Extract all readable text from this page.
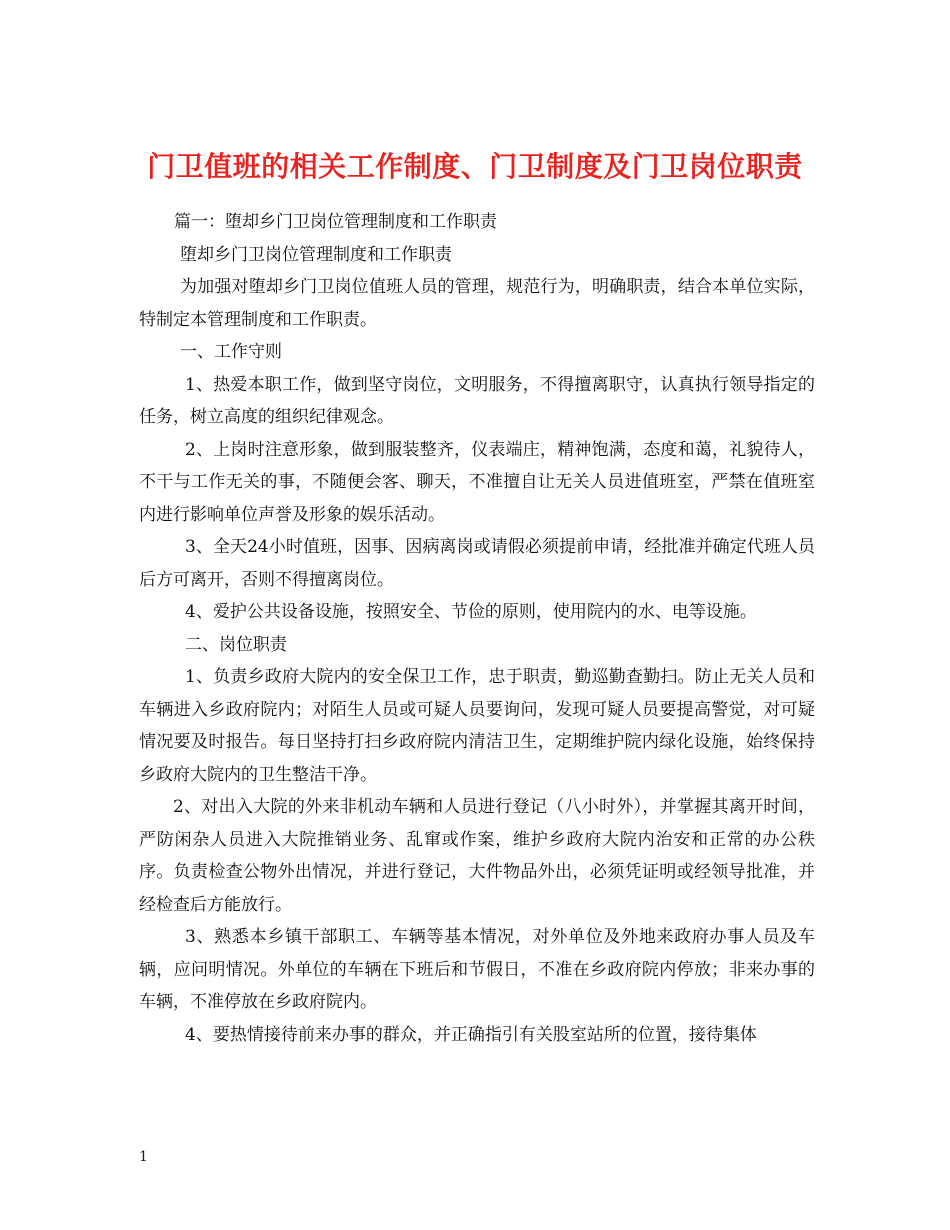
门卫值班的相关工作制度、门卫制度及门卫岗位职责

篇一：堕却乡门卫岗位管理制度和工作职责

堕却乡门卫岗位管理制度和工作职责

为加强对堕却乡门卫岗位值班人员的管理，规范行为，明确职责，结合本单位实际，特制定本管理制度和工作职责。

一、工作守则

1、热爱本职工作，做到坚守岗位，文明服务，不得擅离职守，认真执行领导指定的任务，树立高度的组织纪律观念。

2、上岗时注意形象，做到服装整齐，仪表端庄，精神饱满，态度和蔼，礼貌待人，不干与工作无关的事，不随便会客、聊天，不准擅自让无关人员进值班室，严禁在值班室内进行影响单位声誉及形象的娱乐活动。

3、全天24小时值班，因事、因病离岗或请假必须提前申请，经批准并确定代班人员后方可离开，否则不得擅离岗位。

4、爱护公共设备设施，按照安全、节俭的原则，使用院内的水、电等设施。

二、岗位职责

1、负责乡政府大院内的安全保卫工作，忠于职责，勤巡勤查勤扫。防止无关人员和车辆进入乡政府院内；对陌生人员或可疑人员要询问，发现可疑人员要提高警觉，对可疑情况要及时报告。每日坚持打扫乡政府院内清洁卫生，定期维护院内绿化设施，始终保持乡政府大院内的卫生整洁干净。

2、对出入大院的外来非机动车辆和人员进行登记（八小时外），并掌握其离开时间，严防闲杂人员进入大院推销业务、乱窜或作案，维护乡政府大院内治安和正常的办公秩序。负责检查公物外出情况，并进行登记，大件物品外出，必须凭证明或经领导批准，并经检查后方能放行。

3、熟悉本乡镇干部职工、车辆等基本情况，对外单位及外地来政府办事人员及车辆，应问明情况。外单位的车辆在下班后和节假日，不准在乡政府院内停放；非来办事的车辆，不准停放在乡政府院内。

4、要热情接待前来办事的群众，并正确指引有关股室站所的位置，接待集体

1
